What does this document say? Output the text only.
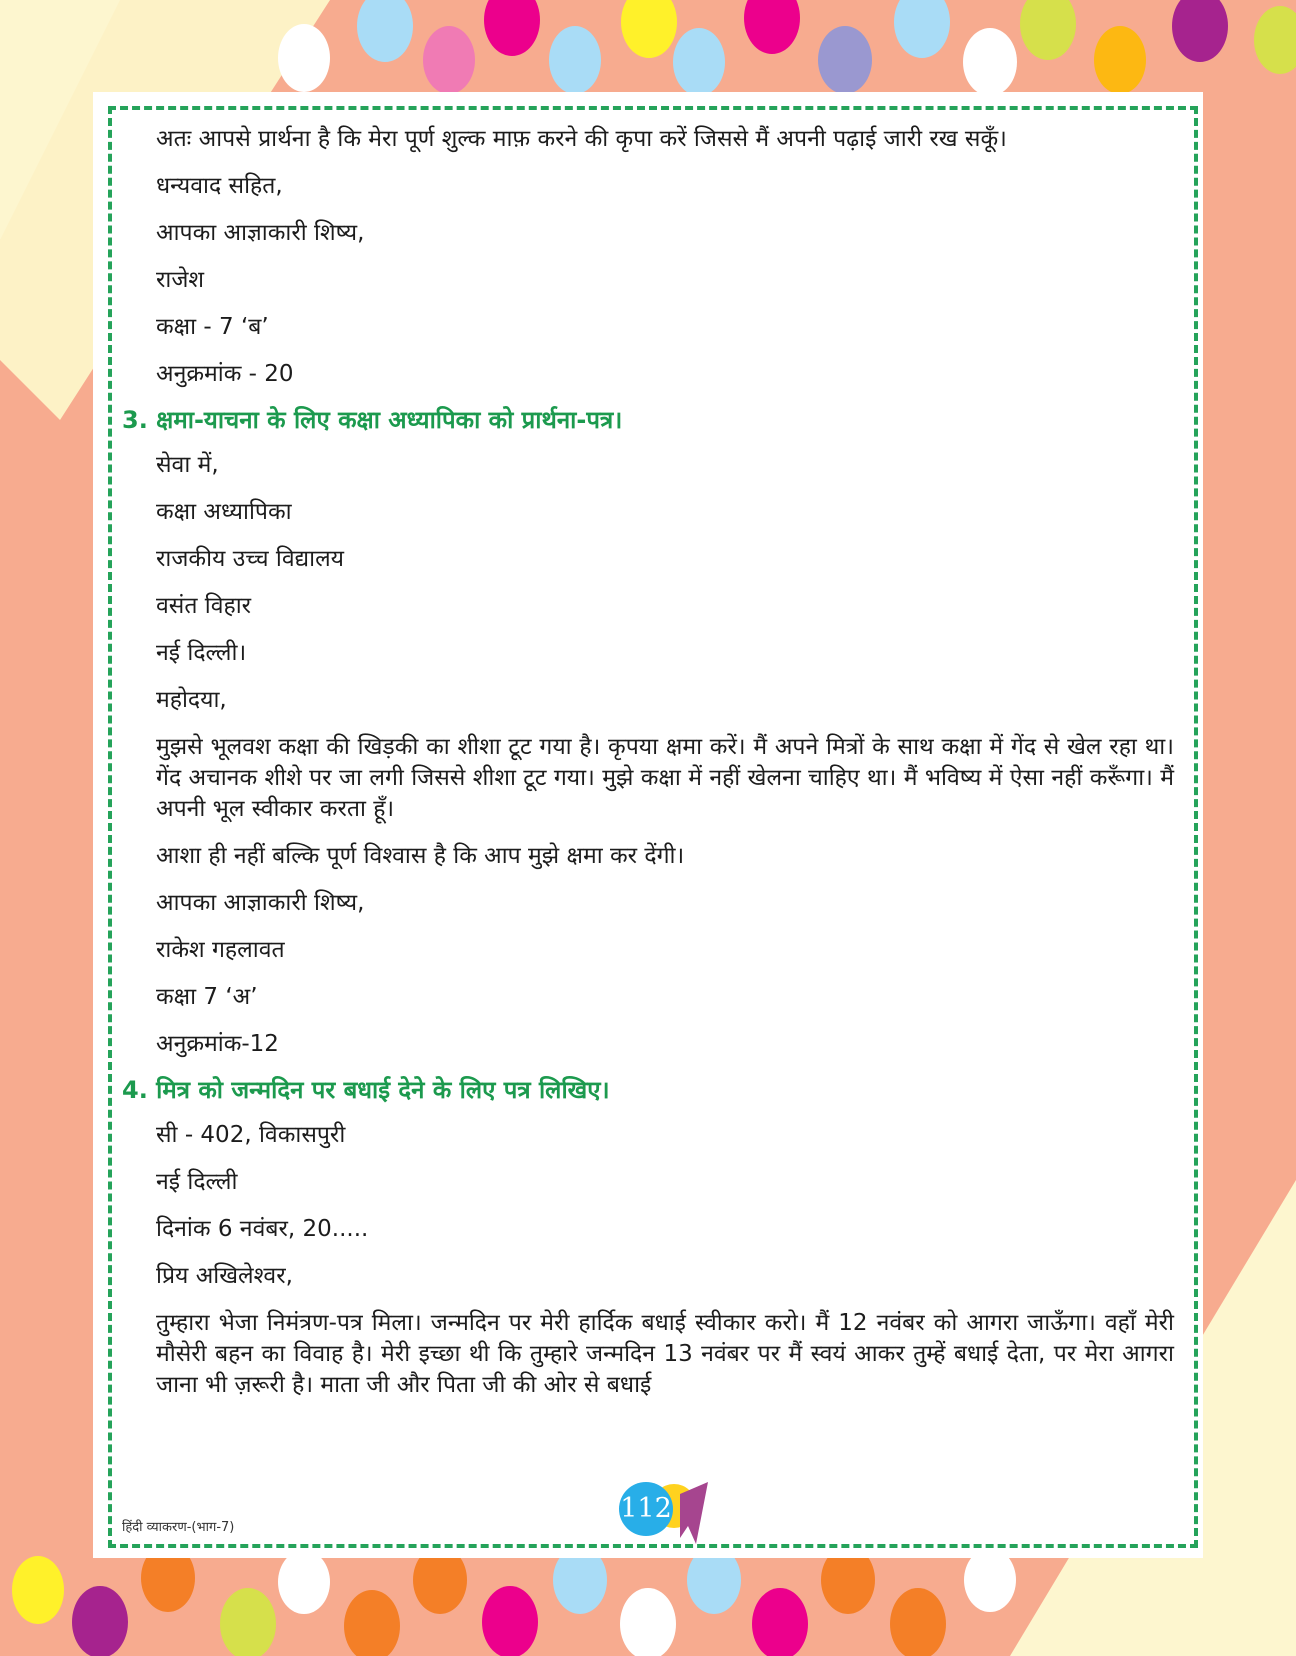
अतः आपसे प्रार्थना है कि मेरा पूर्ण शुल्क माफ़ करने की कृपा करें जिससे मैं अपनी पढ़ाई जारी रख सकूँ।
धन्यवाद सहित,
आपका आज्ञाकारी शिष्य,
राजेश
कक्षा - 7 ‘ब’
अनुक्रमांक - 20
3. क्षमा-याचना के लिए कक्षा अध्यापिका को प्रार्थना-पत्र।
सेवा में,
कक्षा अध्यापिका
राजकीय उच्च विद्यालय
वसंत विहार
नई दिल्ली।
महोदया,
मुझसे भूलवश कक्षा की खिड़की का शीशा टूट गया है। कृपया क्षमा करें। मैं अपने मित्रों के साथ कक्षा में गेंद से खेल रहा था। गेंद अचानक शीशे पर जा लगी जिससे शीशा टूट गया। मुझे कक्षा में नहीं खेलना चाहिए था। मैं भविष्य में ऐसा नहीं करूँगा। मैं अपनी भूल स्वीकार करता हूँ।
आशा ही नहीं बल्कि पूर्ण विश्वास है कि आप मुझे क्षमा कर देंगी।
आपका आज्ञाकारी शिष्य,
राकेश गहलावत
कक्षा 7 ‘अ’
अनुक्रमांक-12
4. मित्र को जन्मदिन पर बधाई देने के लिए पत्र लिखिए।
सी - 402, विकासपुरी
नई दिल्ली
दिनांक 6 नवंबर, 20.....
प्रिय अखिलेश्वर,
तुम्हारा भेजा निमंत्रण-पत्र मिला। जन्मदिन पर मेरी हार्दिक बधाई स्वीकार करो। मैं 12 नवंबर को आगरा जाऊँगा। वहाँ मेरी मौसेरी बहन का विवाह है। मेरी इच्छा थी कि तुम्हारे जन्मदिन 13 नवंबर पर मैं स्वयं आकर तुम्हें बधाई देता, पर मेरा आगरा जाना भी ज़रूरी है। माता जी और पिता जी की ओर से बधाई
हिंदी व्याकरण-(भाग-7)
112
